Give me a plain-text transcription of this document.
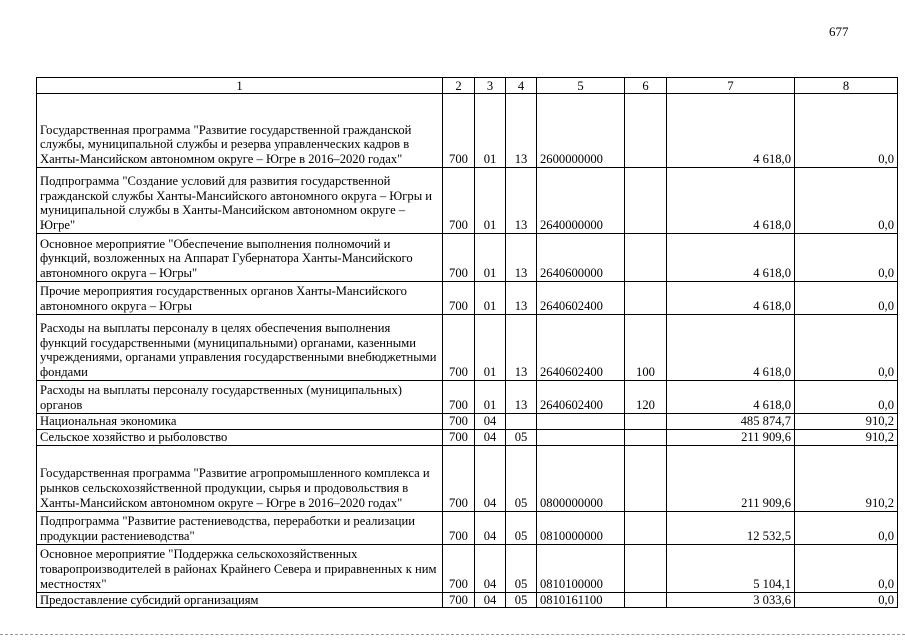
677
1	2	3	4	5	6	7	8
Государственная программа "Развитие государственной гражданской службы, муниципальной службы и резерва управленческих кадров в Ханты-Мансийском автономном округе – Югре в 2016–2020 годах"	700	01	13	2600000000		4 618,0	0,0
Подпрограмма "Создание условий для развития государственной гражданской службы Ханты-Мансийского автономного округа – Югры и муниципальной службы в Ханты-Мансийском автономном округе – Югре"	700	01	13	2640000000		4 618,0	0,0
Основное мероприятие "Обеспечение выполнения полномочий и функций, возложенных на Аппарат Губернатора Ханты-Мансийского автономного округа – Югры"	700	01	13	2640600000		4 618,0	0,0
Прочие мероприятия государственных органов Ханты-Мансийского автономного округа – Югры	700	01	13	2640602400		4 618,0	0,0
Расходы на выплаты персоналу в целях обеспечения выполнения функций государственными (муниципальными) органами, казенными учреждениями, органами управления государственными внебюджетными фондами	700	01	13	2640602400	100	4 618,0	0,0
Расходы на выплаты персоналу государственных (муниципальных) органов	700	01	13	2640602400	120	4 618,0	0,0
Национальная экономика	700	04				485 874,7	910,2
Сельское хозяйство и рыболовство	700	04	05			211 909,6	910,2
Государственная программа "Развитие агропромышленного комплекса и рынков сельскохозяйственной продукции, сырья и продовольствия в Ханты-Мансийском автономном округе – Югре в 2016–2020 годах"	700	04	05	0800000000		211 909,6	910,2
Подпрограмма "Развитие растениеводства, переработки и реализации продукции растениеводства"	700	04	05	0810000000		12 532,5	0,0
Основное мероприятие "Поддержка сельскохозяйственных товаропроизводителей в районах Крайнего Севера и приравненных к ним местностях"	700	04	05	0810100000		5 104,1	0,0
Предоставление субсидий организациям	700	04	05	0810161100		3 033,6	0,0
